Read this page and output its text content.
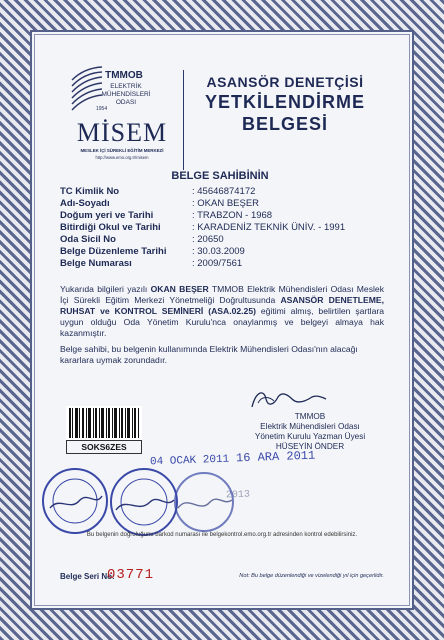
TMMOB
ELEKTRİK
MÜHENDİSLERİ
ODASI
1954
MİSEM
MESLEK İÇİ SÜREKLİ EĞİTİM MERKEZİ
http://www.emo.org.tr/misem
ASANSÖR DENETÇİSİ
YETKİLENDİRME
BELGESİ
BELGE SAHİBİNİN
TC Kimlik No	: 45646874172
Adı-Soyadı	: OKAN BEŞER
Doğum yeri ve Tarihi	: TRABZON - 1968
Bitirdiği Okul ve Tarihi	: KARADENİZ TEKNİK ÜNİV. - 1991
Oda Sicil No	: 20650
Belge Düzenleme Tarihi	: 30.03.2009
Belge Numarası	: 2009/7561
Yukarıda bilgileri yazılı OKAN BEŞER TMMOB Elektrik Mühendisleri Odası Meslek İçi Sürekli Eğitim Merkezi Yönetmeliği Doğrultusunda ASANSÖR DENETLEME, RUHSAT ve KONTROL SEMİNERİ (ASA.02.25) eğitimi almış, belirtilen şartlara uygun olduğu Oda Yönetim Kurulu'nca onaylanmış ve belgeyi almaya hak kazanmıştır.
Belge sahibi, bu belgenin kullanımında Elektrik Mühendisleri Odası'nın alacağı kararlara uymak zorundadır.
TMMOB
Elektrik Mühendisleri Odası
Yönetim Kurulu Yazman Üyesi
HÜSEYİN ÖNDER
SOKS6ZES
04 OCAK 2011 16 ARA 2011
2013
Bu belgenin doğruluğunu barkod numarası ile belgekontrol.emo.org.tr adresinden kontrol edebilirsiniz.
Belge Seri No:
03771	Not: Bu belge düzenlendiği ve vizelendiği yıl için geçerlidir.
